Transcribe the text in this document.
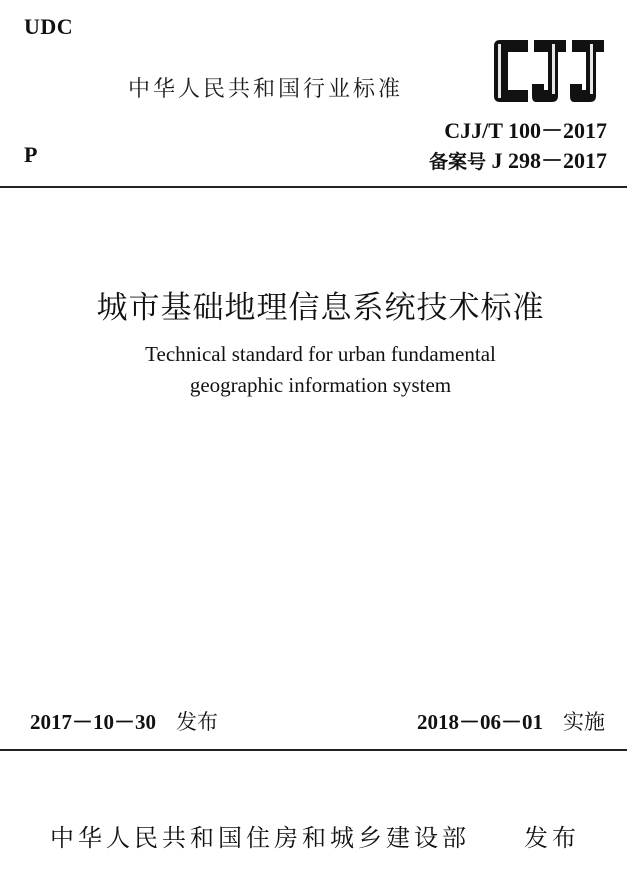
UDC
中华人民共和国行业标准
CJJ/T 100－2017
备案号 J 298－2017
P
城市基础地理信息系统技术标准
Technical standard for urban fundamental
geographic information system
2017－10－30 发布	2018－06－01 实施
中华人民共和国住房和城乡建设部 发布
